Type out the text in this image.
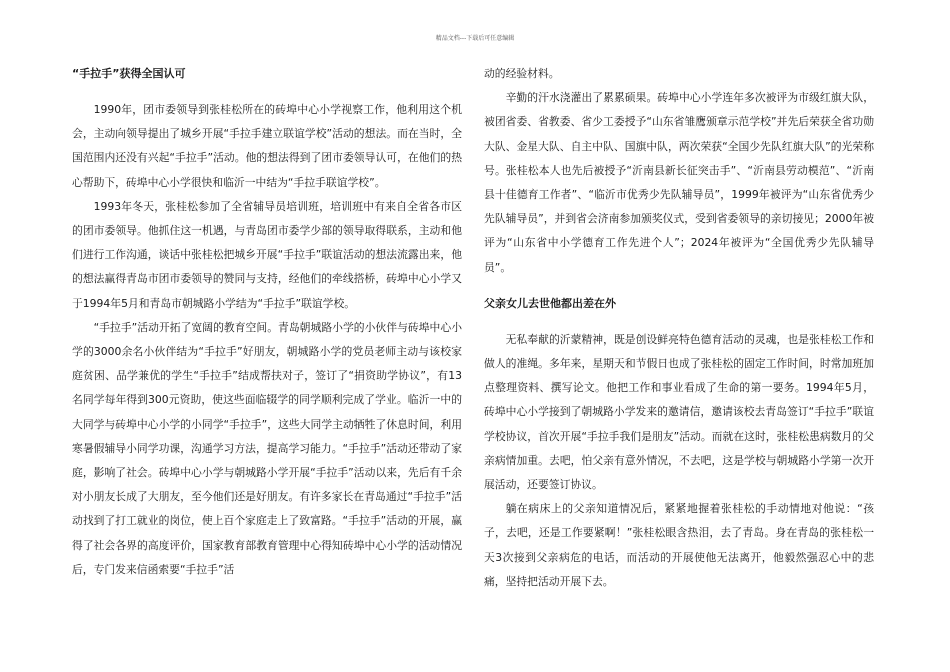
精品文档---下载后可任意编辑
“手拉手”获得全国认可

1990年，团市委领导到张桂松所在的砖埠中心小学视察工作，他利用这个机会，主动向领导提出了城乡开展“手拉手建立联谊学校”活动的想法。而在当时，全国范围内还没有兴起“手拉手”活动。他的想法得到了团市委领导认可，在他们的热心帮助下，砖埠中心小学很快和临沂一中结为“手拉手联谊学校”。

1993年冬天，张桂松参加了全省辅导员培训班，培训班中有来自全省各市区的团市委领导。他抓住这一机遇，与青岛团市委学少部的领导取得联系，主动和他们进行工作沟通，谈话中张桂松把城乡开展“手拉手”联谊活动的想法流露出来，他的想法赢得青岛市团市委领导的赞同与支持，经他们的牵线搭桥，砖埠中心小学又于1994年5月和青岛市朝城路小学结为“手拉手”联谊学校。

“手拉手”活动开拓了宽阔的教育空间。青岛朝城路小学的小伙伴与砖埠中心小学的3000余名小伙伴结为“手拉手”好朋友，朝城路小学的党员老师主动与该校家庭贫困、品学兼优的学生“手拉手”结成帮扶对子，签订了“捐资助学协议”，有13名同学每年得到300元资助，使这些面临辍学的同学顺利完成了学业。临沂一中的大同学与砖埠中心小学的小同学“手拉手”，这些大同学主动牺牲了休息时间，利用寒暑假辅导小同学功课，沟通学习方法，提高学习能力。“手拉手”活动还带动了家庭，影响了社会。砖埠中心小学与朝城路小学开展“手拉手”活动以来，先后有千余对小朋友长成了大朋友，至今他们还是好朋友。有许多家长在青岛通过“手拉手”活动找到了打工就业的岗位，使上百个家庭走上了致富路。“手拉手”活动的开展，赢得了社会各界的高度评价，国家教育部教育管理中心得知砖埠中心小学的活动情况后，专门发来信函索要“手拉手”活

动的经验材料。

辛勤的汗水浇灌出了累累硕果。砖埠中心小学连年多次被评为市级红旗大队，被团省委、省教委、省少工委授予“山东省雏鹰颁章示范学校”并先后荣获全省功勋大队、金星大队、自主中队、国旗中队，两次荣获“全国少先队红旗大队”的光荣称号。张桂松本人也先后被授予“沂南县新长征突击手”、“沂南县劳动模范”、“沂南县十佳德育工作者”、“临沂市优秀少先队辅导员”，1999年被评为“山东省优秀少先队辅导员”，并到省会济南参加颁奖仪式，受到省委领导的亲切接见；2000年被评为“山东省中小学德育工作先进个人”；2024年被评为“全国优秀少先队辅导员”。

父亲女儿去世他都出差在外

无私奉献的沂蒙精神，既是创设鲜亮特色德育活动的灵魂，也是张桂松工作和做人的准绳。多年来，星期天和节假日也成了张桂松的固定工作时间，时常加班加点整理资料、撰写论文。他把工作和事业看成了生命的第一要务。1994年5月，砖埠中心小学接到了朝城路小学发来的邀请信，邀请该校去青岛签订“手拉手”联谊学校协议，首次开展“手拉手我们是朋友”活动。而就在这时，张桂松患病数月的父亲病情加重。去吧，怕父亲有意外情况，不去吧，这是学校与朝城路小学第一次开展活动，还要签订协议。

躺在病床上的父亲知道情况后，紧紧地握着张桂松的手动情地对他说：“孩子，去吧，还是工作要紧啊！”张桂松眼含热泪，去了青岛。身在青岛的张桂松一天3次接到父亲病危的电话，而活动的开展使他无法离开，他毅然强忍心中的悲痛，坚持把活动开展下去。
